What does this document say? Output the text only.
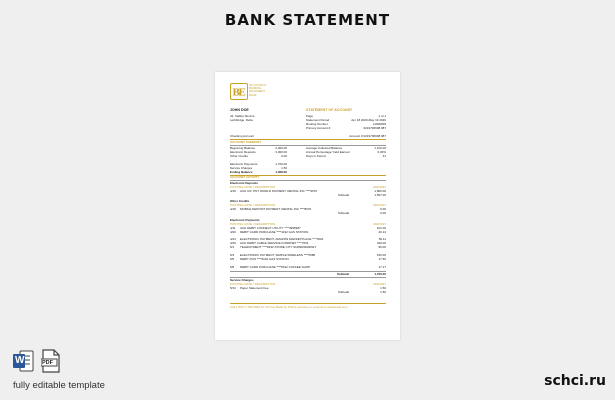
BANK STATEMENT
B
E
UK COUNCIL BANKING DOCUMENT BANK
JOHN DOE
34, Saltkiy Mennis,
Lethbridge, Delta
STATEMENT OF ACCOUNT
Page	1 of 1
Statement Period	Apr 18 2020-May 19 2020
Routing Number	11000000
Primary Account #	0219796908 987
Checking Account	Account # 0219796908 987
ACCOUNT SUMMARY
Beginning Balance	2,000.00
Electronic Deposits	3,300.00
Other Credits	0.00
Average Collected Balance	1,100.00
Annual Percentage Yield Earned	0.00%
Days in Period	31
Electronic Payments	1,700.00
Service Charges	1.50
Ending Balance	1,308.00
ACCOUNT ACTIVITY
Electronic Deposits
POSTING DATE / DESCRIPTION	AMOUNT
4/19 ACH CR. PNT WORLD PAYMENT, RENTAL INC ****9070	1,800.00
Subtotal	1,557.00
Other Credits
POSTING DATE / DESCRIPTION	AMOUNT
4/18 MOBILE DEPOSIT PAYMENT, RENTAL INC ****8070	0.00
Subtotal	0.00
Electronic Payments
POSTING DATE / DESCRIPTION	AMOUNT
4/11 ACH DEBIT CONNECT UTILITY ****4995987	101.00
4/20 DEBIT CARD PURCHASE ****4192 GAS STATION	40.14
4/24 ELECTRONIC PAYMENT, AMAZON MARKETPLACE ****3021	50.11
4/29 ACH DEBIT CABLE SERVICE INTERNET ****7001	340.00
5/1 TELEPAYMENT ****8192 STORE CITY SUPERMARKET	95.00
5/3 ELECTRONIC PAYMENT, SIMPLE WIRELESS ****5588	150.00
5/5 DEBIT POS ****8192 GAS STATION	17.50
5/8 DEBIT CARD PURCHASE ****8192 COFFEE SHOP	17.17
Subtotal	1,700.00
Service Charges
POSTING DATE / DESCRIPTION	AMOUNT
5/13 Paper Statement Fee	1.50
Subtotal	1.50
Call 1-557-7-700-0000 for 24 hour Bank by Phone services or connect to www.bank.com
W	PDF
fully editable template	schci.ru
